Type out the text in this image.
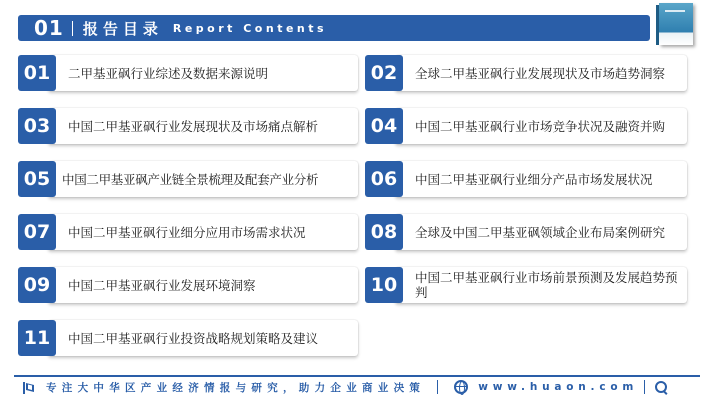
01 报告目录 Report Contents
01	二甲基亚砜行业综述及数据来源说明
03	中国二甲基亚砜行业发展现状及市场痛点解析
05 中国二甲基亚砜产业链全景梳理及配套产业分析
07	中国二甲基亚砜行业细分应用市场需求状况
09	中国二甲基亚砜行业发展环境洞察
11	中国二甲基亚砜行业投资战略规划策略及建议
02	全球二甲基亚砜行业发展现状及市场趋势洞察
04	中国二甲基亚砜行业市场竞争状况及融资并购
06	中国二甲基亚砜行业细分产品市场发展状况
08	全球及中国二甲基亚砜领域企业布局案例研究
10	中国二甲基亚砜行业市场前景预测及发展趋势预判
专注大中华区产业经济情报与研究，助力企业商业决策	www.huaon.com
